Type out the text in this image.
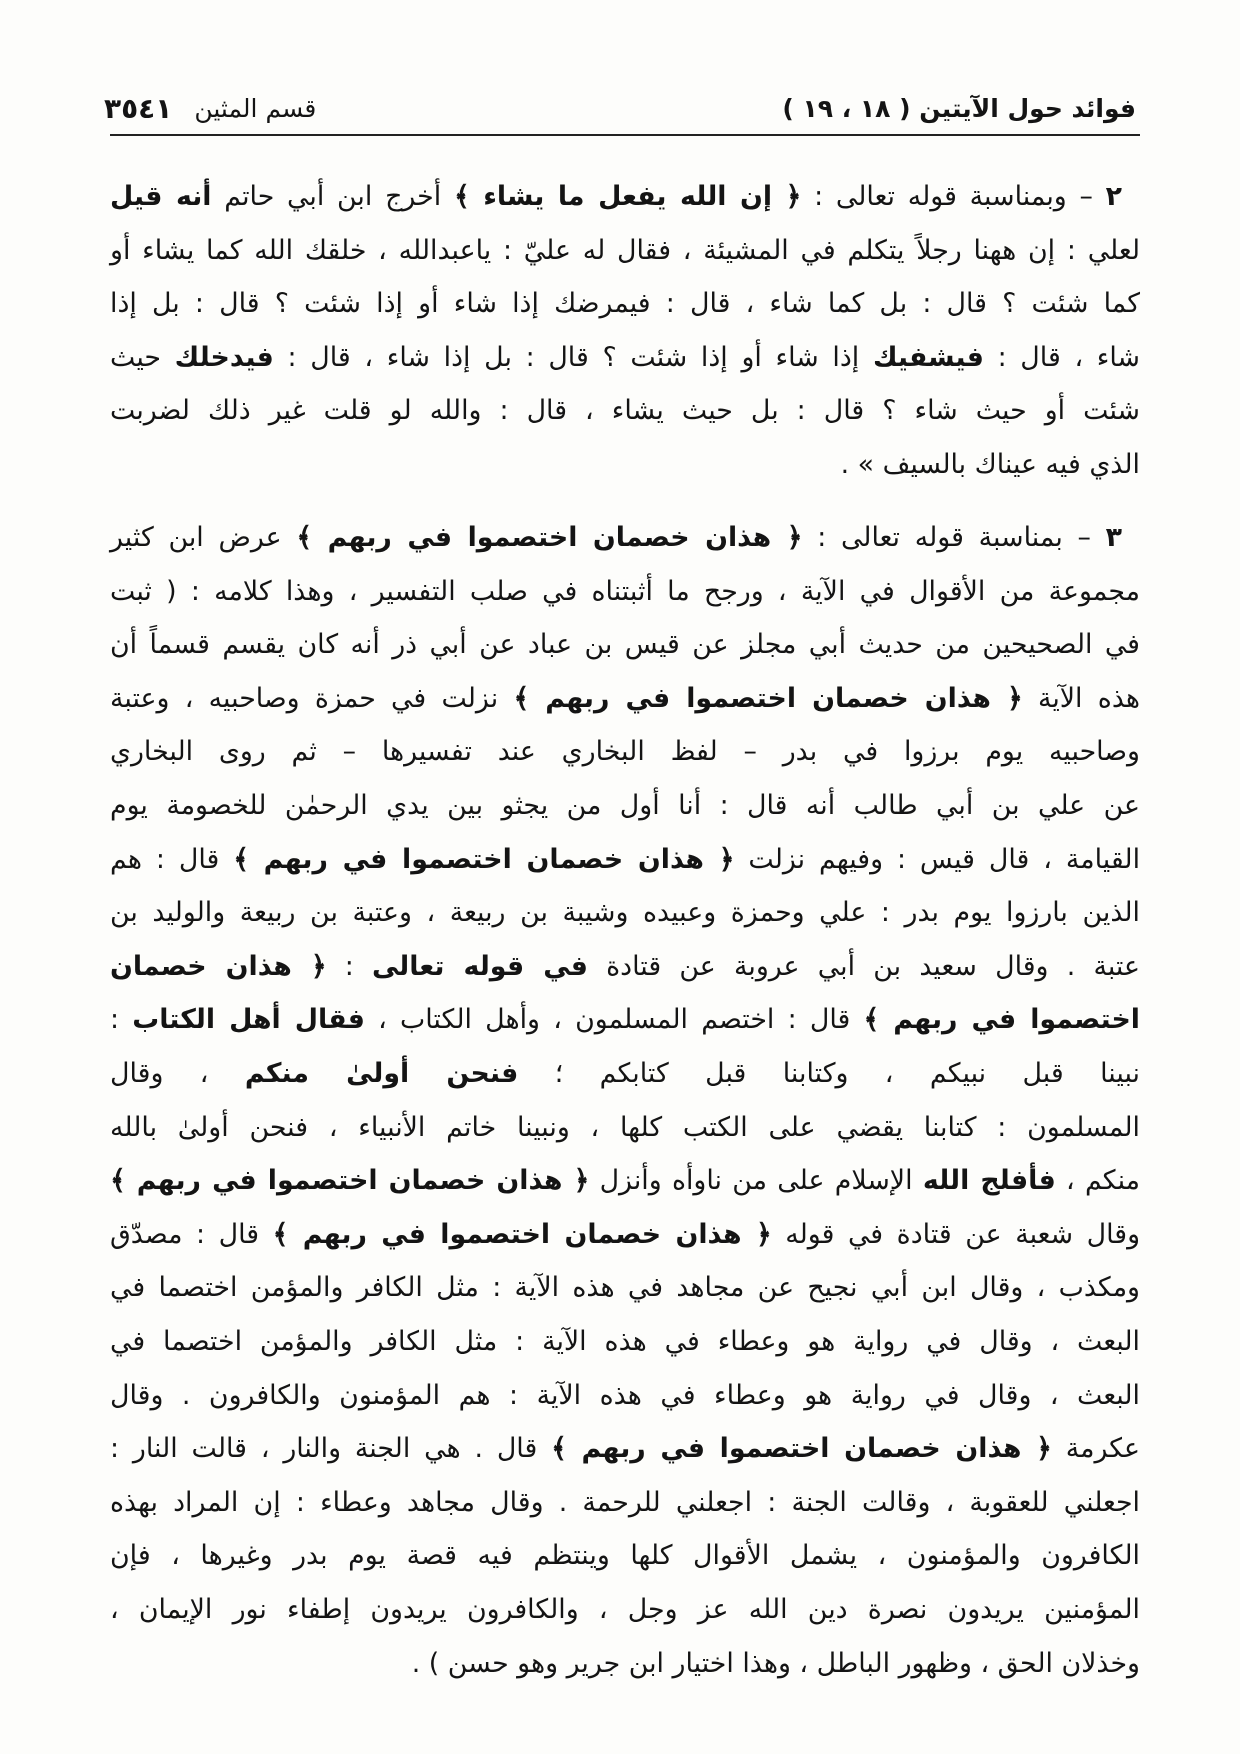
فوائد حول الآيتين ( ١٨ ، ١٩ )
قسم المثين
٣٥٤١
٢ – وبمناسبة قوله تعالى : ﴿ إن الله يفعل ما يشاء ﴾ أخرج ابن أبي حاتم أنه قيل
لعلي : إن ههنا رجلاً يتكلم في المشيئة ، فقال له عليّ : ياعبدالله ، خلقك الله كما يشاء أو
كما شئت ؟ قال : بل كما شاء ، قال : فيمرضك إذا شاء أو إذا شئت ؟ قال : بل إذا
شاء ، قال : فيشفيك إذا شاء أو إذا شئت ؟ قال : بل إذا شاء ، قال : فيدخلك حيث
شئت أو حيث شاء ؟ قال : بل حيث يشاء ، قال : والله لو قلت غير ذلك لضربت
الذي فيه عيناك بالسيف » .
٣ – بمناسبة قوله تعالى : ﴿ هذان خصمان اختصموا في ربهم ﴾ عرض ابن كثير
مجموعة من الأقوال في الآية ، ورجح ما أثبتناه في صلب التفسير ، وهذا كلامه : ( ثبت
في الصحيحين من حديث أبي مجلز عن قيس بن عباد عن أبي ذر أنه كان يقسم قسماً أن
هذه الآية ﴿ هذان خصمان اختصموا في ربهم ﴾ نزلت في حمزة وصاحبيه ، وعتبة
وصاحبيه يوم برزوا في بدر – لفظ البخاري عند تفسيرها – ثم روى البخاري
عن علي بن أبي طالب أنه قال : أنا أول من يجثو بين يدي الرحمٰن للخصومة يوم
القيامة ، قال قيس : وفيهم نزلت ﴿ هذان خصمان اختصموا في ربهم ﴾ قال : هم
الذين بارزوا يوم بدر : علي وحمزة وعبيده وشيبة بن ربيعة ، وعتبة بن ربيعة والوليد بن
عتبة . وقال سعيد بن أبي عروبة عن قتادة في قوله تعالى : ﴿ هذان خصمان
اختصموا في ربهم ﴾ قال : اختصم المسلمون ، وأهل الكتاب ، فقال أهل الكتاب :
نبينا قبل نبيكم ، وكتابنا قبل كتابكم ؛ فنحن أولىٰ منكم ، وقال
المسلمون : كتابنا يقضي على الكتب كلها ، ونبينا خاتم الأنبياء ، فنحن أولىٰ بالله
منكم ، فأفلج الله الإسلام على من ناوأه وأنزل ﴿ هذان خصمان اختصموا في ربهم ﴾
وقال شعبة عن قتادة في قوله ﴿ هذان خصمان اختصموا في ربهم ﴾ قال : مصدّق
ومكذب ، وقال ابن أبي نجيح عن مجاهد في هذه الآية : مثل الكافر والمؤمن اختصما في
البعث ، وقال في رواية هو وعطاء في هذه الآية : مثل الكافر والمؤمن اختصما في
البعث ، وقال في رواية هو وعطاء في هذه الآية : هم المؤمنون والكافرون . وقال
عكرمة ﴿ هذان خصمان اختصموا في ربهم ﴾ قال . هي الجنة والنار ، قالت النار :
اجعلني للعقوبة ، وقالت الجنة : اجعلني للرحمة . وقال مجاهد وعطاء : إن المراد بهذه
الكافرون والمؤمنون ، يشمل الأقوال كلها وينتظم فيه قصة يوم بدر وغيرها ، فإن
المؤمنين يريدون نصرة دين الله عز وجل ، والكافرون يريدون إطفاء نور الإيمان ،
وخذلان الحق ، وظهور الباطل ، وهذا اختيار ابن جرير وهو حسن ) .
